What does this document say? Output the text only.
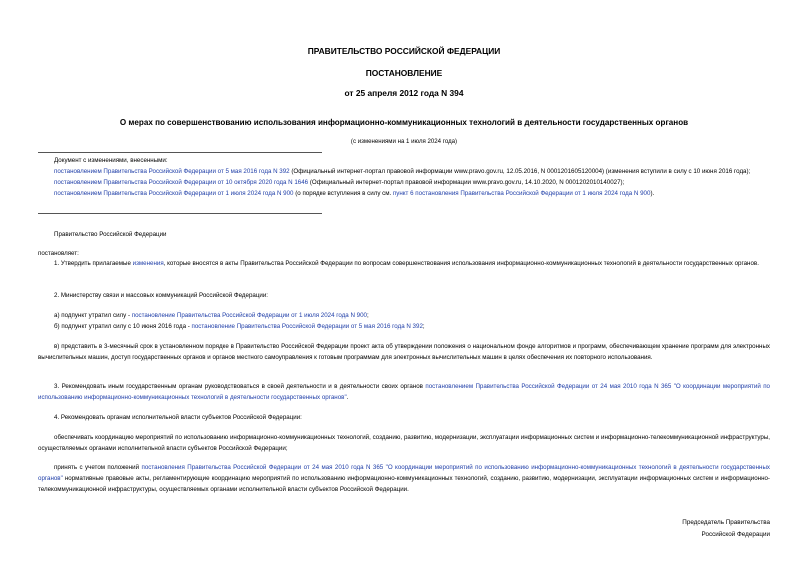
ПРАВИТЕЛЬСТВО РОССИЙСКОЙ ФЕДЕРАЦИИ
ПОСТАНОВЛЕНИЕ
от 25 апреля 2012 года N 394
О мерах по совершенствованию использования информационно-коммуникационных технологий в деятельности государственных органов
(с изменениями на 1 июля 2024 года)
Документ с изменениями, внесенными:
постановлением Правительства Российской Федерации от 5 мая 2016 года N 392 (Официальный интернет-портал правовой информации www.pravo.gov.ru, 12.05.2016, N 0001201605120004) (изменения вступили в силу с 10 июня 2016 года);
постановлением Правительства Российской Федерации от 10 октября 2020 года N 1646 (Официальный интернет-портал правовой информации www.pravo.gov.ru, 14.10.2020, N 0001202010140027);
постановлением Правительства Российской Федерации от 1 июля 2024 года N 900 (о порядке вступления в силу см. пункт 6 постановления Правительства Российской Федерации от 1 июля 2024 года N 900).
Правительство Российской Федерации
постановляет:
1. Утвердить прилагаемые изменения, которые вносятся в акты Правительства Российской Федерации по вопросам совершенствования использования информационно-коммуникационных технологий в деятельности государственных органов.
2. Министерству связи и массовых коммуникаций Российской Федерации:
а) подпункт утратил силу - постановление Правительства Российской Федерации от 1 июля 2024 года N 900;
б) подпункт утратил силу с 10 июня 2016 года - постановление Правительства Российской Федерации от 5 мая 2016 года N 392;
в) представить в 3-месячный срок в установленном порядке в Правительство Российской Федерации проект акта об утверждении положения о национальном фонде алгоритмов и программ, обеспечивающем хранение программ для электронных вычислительных машин, доступ государственных органов и органов местного самоуправления к готовым программам для электронных вычислительных машин в целях обеспечения их повторного использования.
3. Рекомендовать иным государственным органам руководствоваться в своей деятельности и в деятельности своих органов постановлением Правительства Российской Федерации от 24 мая 2010 года N 365 "О координации мероприятий по использованию информационно-коммуникационных технологий в деятельности государственных органов".
4. Рекомендовать органам исполнительной власти субъектов Российской Федерации:
обеспечивать координацию мероприятий по использованию информационно-коммуникационных технологий, созданию, развитию, модернизации, эксплуатации информационных систем и информационно-телекоммуникационной инфраструктуры, осуществляемых органами исполнительной власти субъектов Российской Федерации;
принять с учетом положений постановления Правительства Российской Федерации от 24 мая 2010 года N 365 "О координации мероприятий по использованию информационно-коммуникационных технологий в деятельности государственных органов" нормативные правовые акты, регламентирующие координацию мероприятий по использованию информационно-коммуникационных технологий, созданию, развитию, модернизации, эксплуатации информационных систем и информационно-телекоммуникационной инфраструктуры, осуществляемых органами исполнительной власти субъектов Российской Федерации.
Председатель Правительства
Российской Федерации
